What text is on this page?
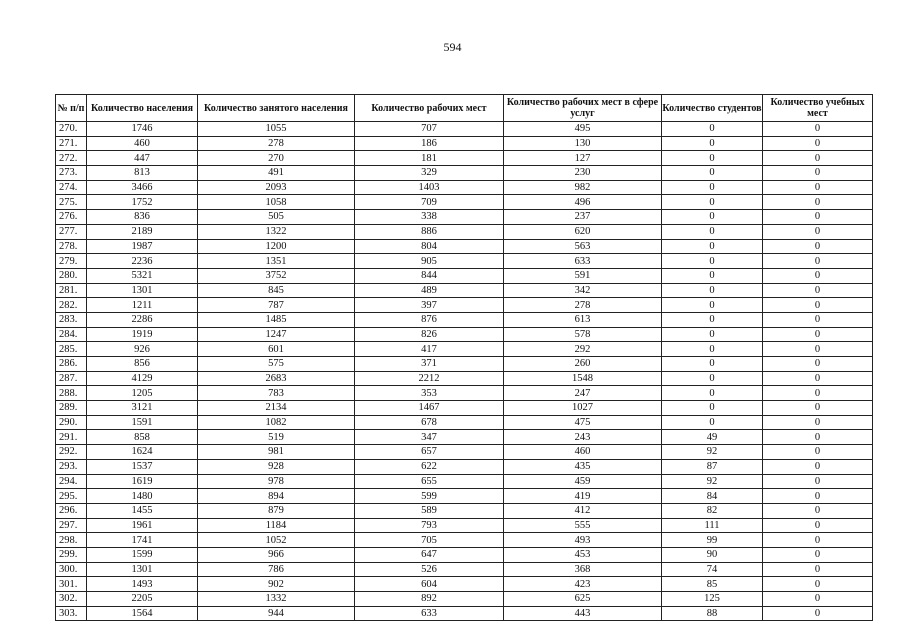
594
№ п/п	Количество населения	Количество занятого населения	Количество рабочих мест	Количество рабочих мест в сфере услуг	Количество студентов	Количество учебных мест
270.	1746	1055	707	495	0	0
271.	460	278	186	130	0	0
272.	447	270	181	127	0	0
273.	813	491	329	230	0	0
274.	3466	2093	1403	982	0	0
275.	1752	1058	709	496	0	0
276.	836	505	338	237	0	0
277.	2189	1322	886	620	0	0
278.	1987	1200	804	563	0	0
279.	2236	1351	905	633	0	0
280.	5321	3752	844	591	0	0
281.	1301	845	489	342	0	0
282.	1211	787	397	278	0	0
283.	2286	1485	876	613	0	0
284.	1919	1247	826	578	0	0
285.	926	601	417	292	0	0
286.	856	575	371	260	0	0
287.	4129	2683	2212	1548	0	0
288.	1205	783	353	247	0	0
289.	3121	2134	1467	1027	0	0
290.	1591	1082	678	475	0	0
291.	858	519	347	243	49	0
292.	1624	981	657	460	92	0
293.	1537	928	622	435	87	0
294.	1619	978	655	459	92	0
295.	1480	894	599	419	84	0
296.	1455	879	589	412	82	0
297.	1961	1184	793	555	111	0
298.	1741	1052	705	493	99	0
299.	1599	966	647	453	90	0
300.	1301	786	526	368	74	0
301.	1493	902	604	423	85	0
302.	2205	1332	892	625	125	0
303.	1564	944	633	443	88	0
